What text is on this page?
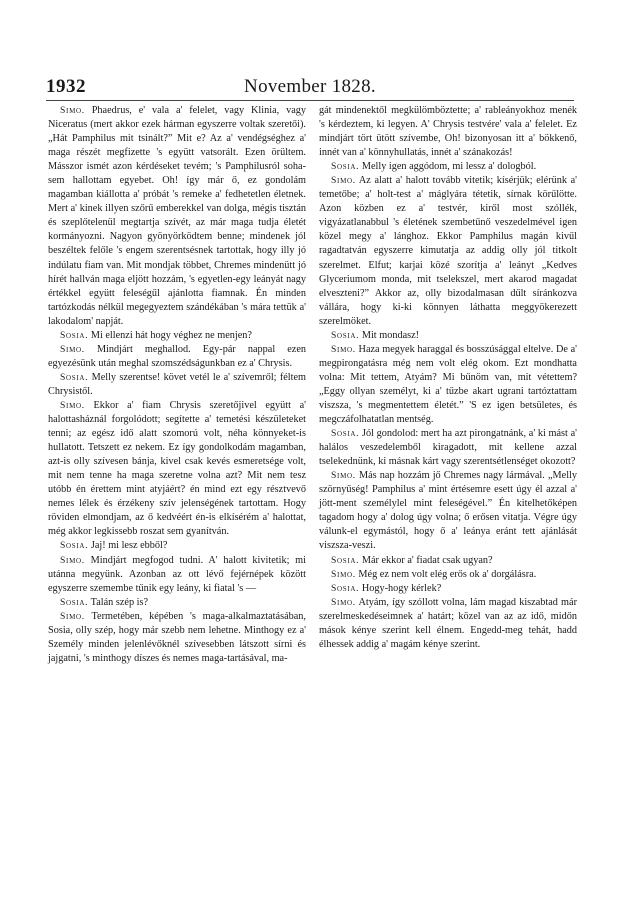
1932	November 1828.

Simo. Phaedrus, e' vala a' felelet, vagy Klinia, vagy Niceratus (mert akkor ezek hárman egyszerre voltak szeretői). „Hát Pamphilus mit tsinált?” Mit e? Az a' vendégséghez a' maga részét megfizette 's együtt vatsorált. Ezen örültem. Másszor ismét azon kérdéseket tevém; 's Pamphilusról soha-sem hallottam egyebet. Oh! így már ő, ez gondolám magamban kiállotta a' próbát 's remeke a' fedhetetlen életnek. Mert a' kinek illyen szőrű emberekkel van dolga, mégis tisztán és szeplőtelenül megtartja szívét, az már maga tudja életét kormányozni. Nagyon gyönyörködtem benne; mindenek jól beszéltek felőle 's engem szerentsésnek tartottak, hogy illy jó indúlatu fiam van. Mit mondjak többet, Chremes mindenütt jó hírét hallván maga eljött hozzám, 's egyetlen-egy leányát nagy értékkel együtt feleségűl ajánlotta fiamnak. Én minden tartózkodás nélkül megegyeztem szándékában 's mára tettük a' lakodalom' napját.

Sosia. Mi ellenzi hát hogy véghez ne menjen?

Simo. Mindjárt meghallod. Egy-pár nappal ezen egyezésünk után meghal szomszédságunkban ez a' Chrysis.

Sosia. Melly szerentse! követ vetél le a' szívemről; féltem Chrysistől.

Simo. Ekkor a' fiam Chrysis szeretőjivel együtt a' halottasháznál forgolódott; segítette a' temetési készületeket tenni; az egész idő alatt szomorú volt, néha könnyeket-is hullatott. Tetszett ez nekem. Ez így gondolkodám magamban, azt-is olly szívesen bánja, kivel csak kevés esmeretsége volt, mit nem tenne ha maga szeretne volna azt? Mit nem tesz utóbb én érettem mint atyjáért? én mind ezt egy résztvevő nemes lélek és érzékeny szív jelenségének tartottam. Hogy röviden elmondjam, az ő kedvéért én-is elkísérém a' halottat, még akkor legkissebb roszat sem gyanítván.

Sosia. Jaj! mi lesz ebből?

Simo. Mindjárt megfogod tudni. A' halott kivitetik; mi utánna megyünk. Azonban az ott lévő fejérnépek között egyszerre szemembe tűnik egy leány, ki fiatal 's —

Sosia. Talán szép is?

Simo. Termetében, képében 's maga-alkalmaztatásában, Sosia, olly szép, hogy már szebb nem lehetne. Minthogy ez a' Személy minden jelenlévőknél szívesebben látszott sírni és jajgatni, 's minthogy díszes és nemes maga-tartásával, ma-

gát mindenektől megkülömböztette; a' rableányokhoz menék 's kérdeztem, ki legyen. A' Chrysis testvére' vala a' felelet. Ez mindjárt tört ütött szívembe, Oh! bizonyosan itt a' bökkenő, innét van a' könnyhullatás, innét a' szánakozás!

Sosia. Melly igen aggódom, mi lessz a' dologból.

Simo. Az alatt a' halott tovább vitetik; kísérjük; elérünk a' temetőbe; a' holt-test a' máglyára tétetik, sírnak körűlötte. Azon közben ez a' testvér, kiről most szóllék, vigyázatlanabbul 's életének szembetűnő veszedelmével igen közel megy a' lánghoz. Ekkor Pamphilus magán kivűl ragadtatván egyszerre kimutatja az addig olly jól titkolt szerelmet. Elfut; karjai közé szorítja a' leányt „Kedves Glyceriumom monda, mit tselekszel, mert akarod magadat elveszteni?” Akkor az, olly bizodalmasan dűlt síránkozva vállára, hogy ki-ki könnyen láthatta meggyökerezett szerelmöket.

Sosia. Mit mondasz!

Simo. Haza megyek haraggal és bosszúsággal eltelve. De a' megpirongatásra még nem volt elég okom. Ezt mondhatta volna: Mit tettem, Atyám? Mi bűnöm van, mit vétettem? „Eggy ollyan személyt, ki a' tűzbe akart ugrani tartóztattam viszsza, 's megmentettem életét.” 'S ez igen betsületes, és megczáfolhatatlan mentség.

Sosia. Jól gondolod: mert ha azt pirongatnánk, a' ki mást a' halálos veszedelemből kiragadott, mit kellene azzal tselekednünk, ki másnak kárt vagy szerentsétlenséget okozott?

Simo. Más nap hozzám jő Chremes nagy lármával. „Melly szörnyűség! Pamphilus a' mint értésemre esett úgy él azzal a' jött-ment személylel mint feleségével.” Én kitelhetőképen tagadom hogy a' dolog úgy volna; ő erősen vitatja. Végre úgy válunk-el egymástól, hogy ő a' leánya eránt tett ajánlását viszsza-veszi.

Sosia. Már ekkor a' fiadat csak ugyan?

Simo. Még ez nem volt elég erős ok a' dorgálásra.

Sosia. Hogy-hogy kérlek?

Simo. Atyám, így szóllott volna, lám magad kiszabtad már szerelmeskedéseimnek a' határt; közel van az az idő, midőn mások kénye szerint kell élnem. Engedd-meg tehát, hadd élhessek addig a' magám kénye szerint.
